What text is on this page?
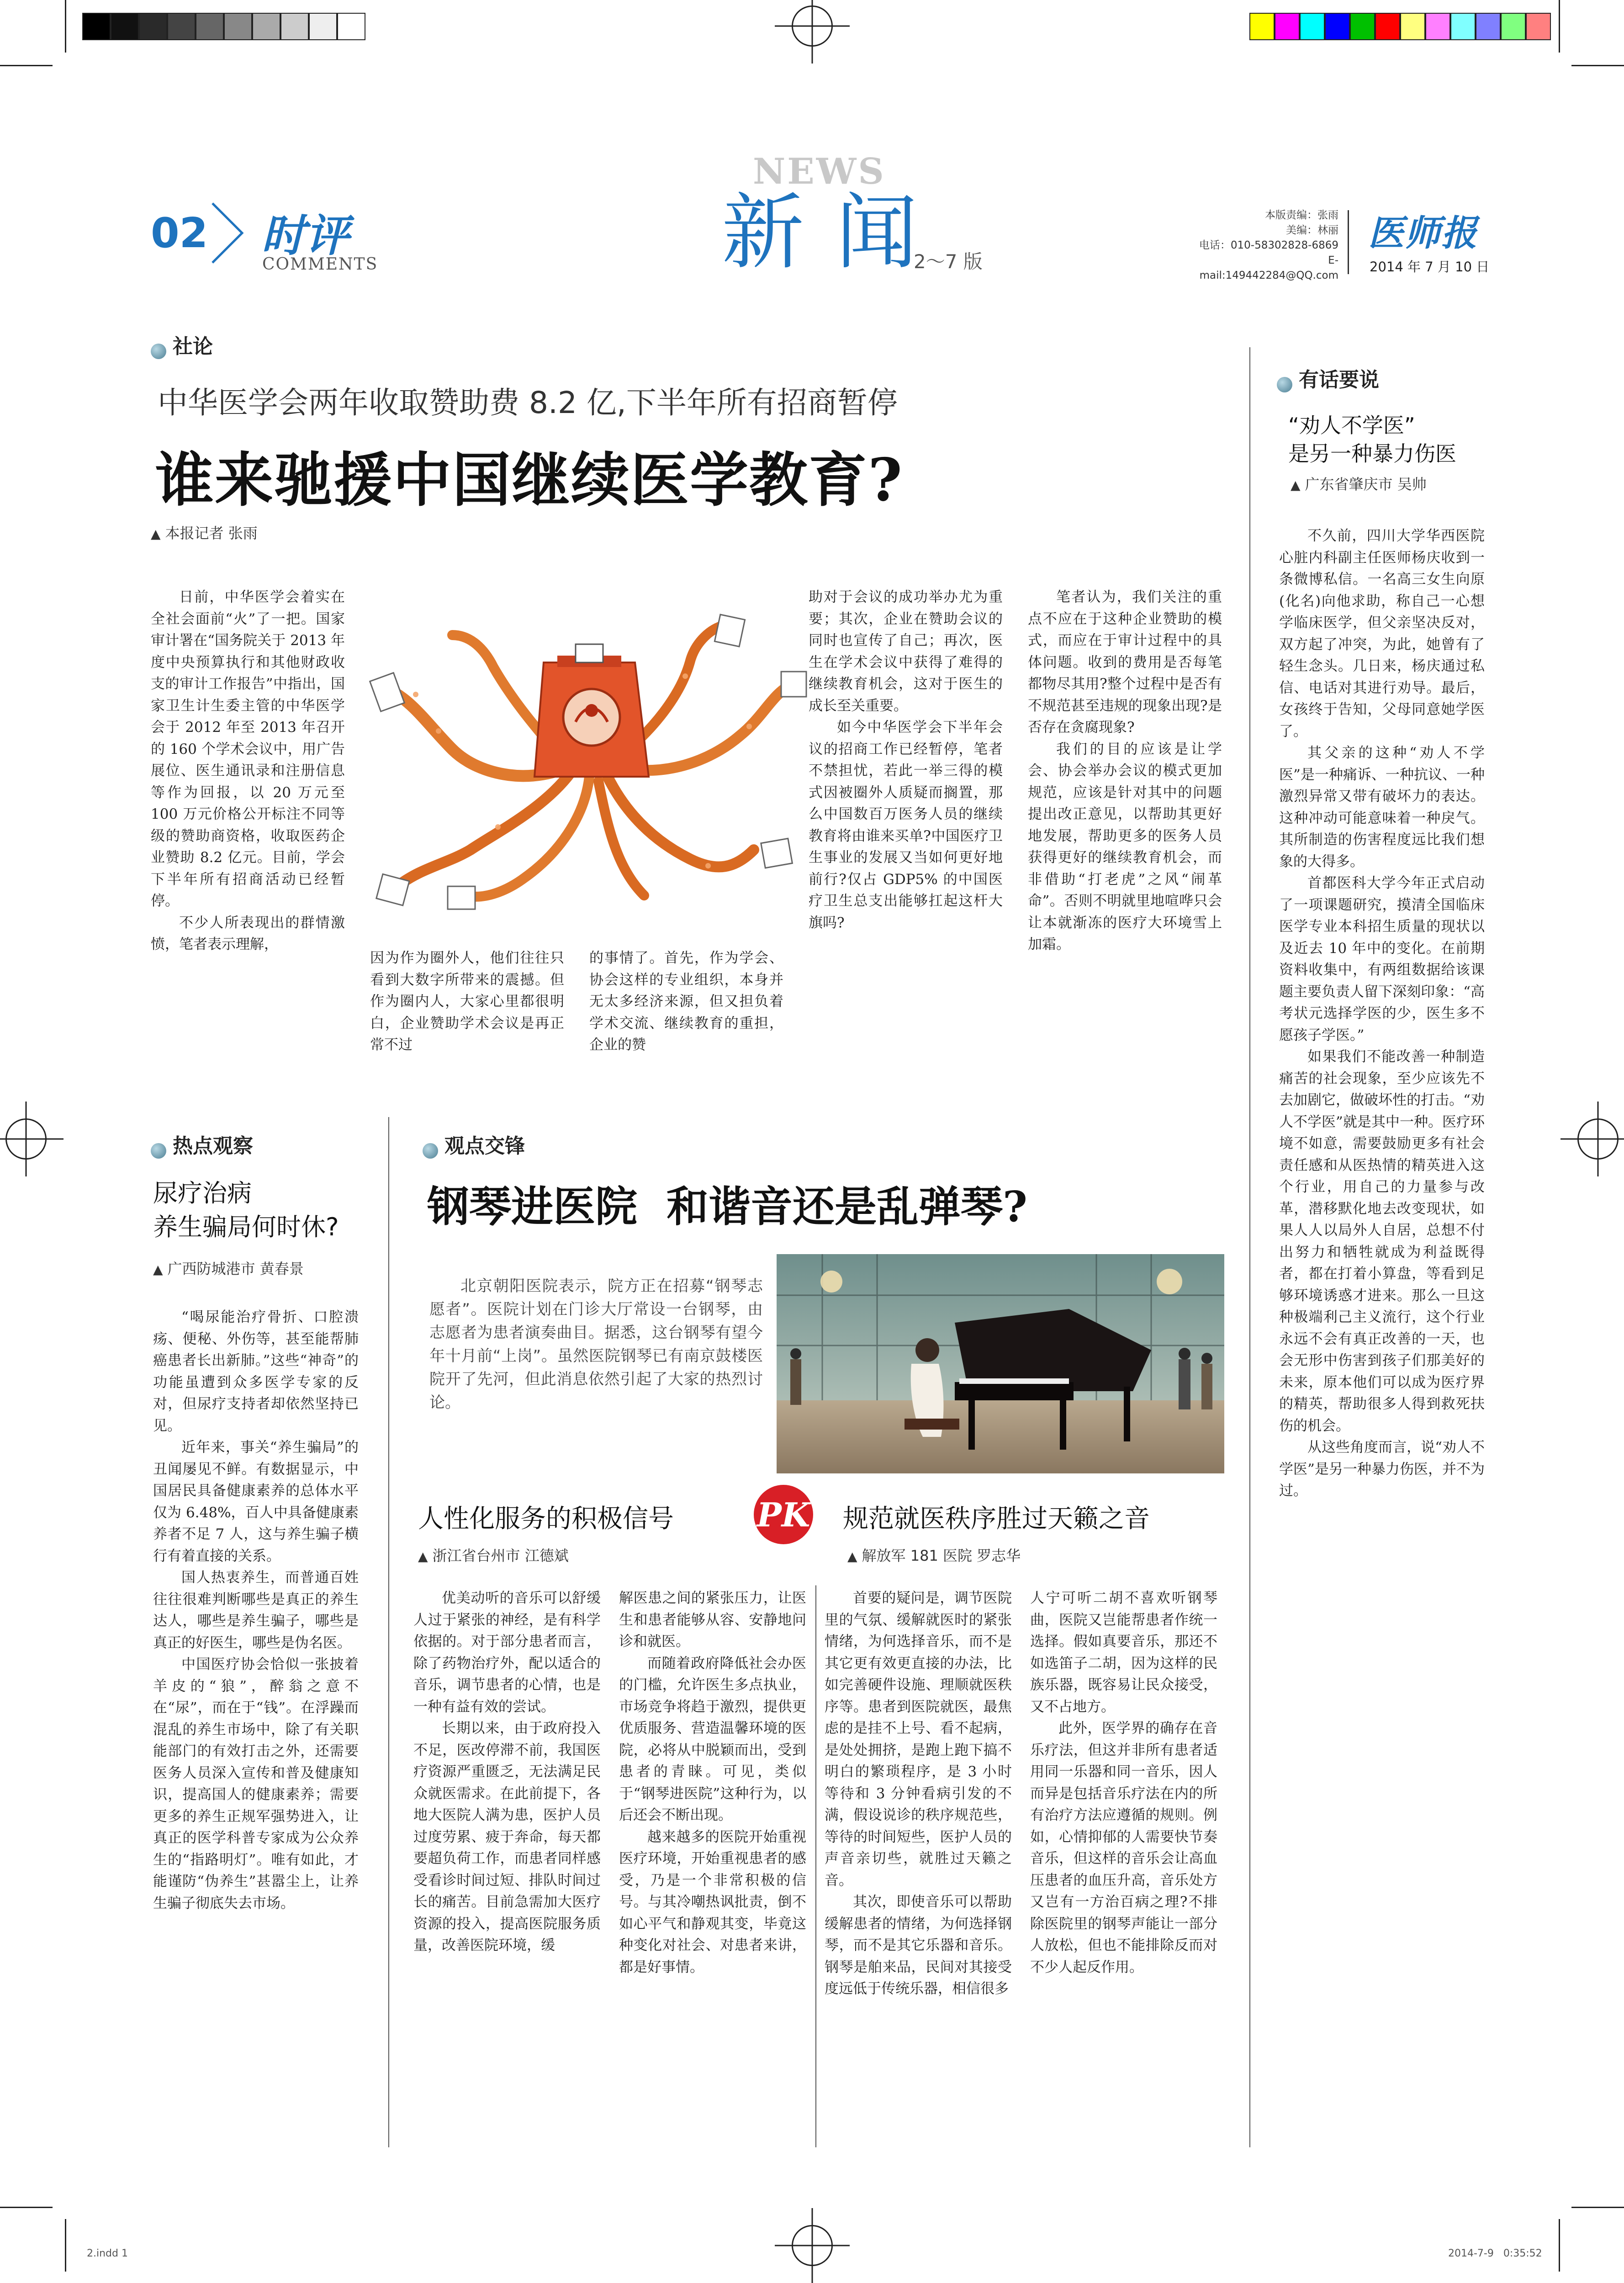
02 时评
COMMENTS
NEWS
新 闻
2～7 版
本版责编：张雨
美编：林丽
电话：010-58302828-6869
E-mail:149442284@QQ.com
医师报
2014 年 7 月 10 日
社论
中华医学会两年收取赞助费 8.2 亿,下半年所有招商暂停
谁来驰援中国继续医学教育?
▲ 本报记者 张雨

日前，中华医学会着实在全社会面前“火”了一把。国家审计署在“国务院关于 2013 年度中央预算执行和其他财政收支的审计工作报告”中指出，国家卫生计生委主管的中华医学会于 2012 年至 2013 年召开的 160 个学术会议中，用广告展位、医生通讯录和注册信息等作为回报，以 20 万元至 100 万元价格公开标注不同等级的赞助商资格，收取医药企业赞助 8.2 亿元。目前，学会下半年所有招商活动已经暂停。

不少人所表现出的群情激愤，笔者表示理解，

因为作为圈外人，他们往往只看到大数字所带来的震撼。但作为圈内人，大家心里都很明白，企业赞助学术会议是再正常不过

的事情了。首先，作为学会、协会这样的专业组织，本身并无太多经济来源，但又担负着学术交流、继续教育的重担，企业的赞

助对于会议的成功举办尤为重要；其次，企业在赞助会议的同时也宣传了自己；再次，医生在学术会议中获得了难得的继续教育机会，这对于医生的成长至关重要。

如今中华医学会下半年会议的招商工作已经暂停，笔者不禁担忧，若此一举三得的模式因被圈外人质疑而搁置，那么中国数百万医务人员的继续教育将由谁来买单?中国医疗卫生事业的发展又当如何更好地前行?仅占 GDP5% 的中国医疗卫生总支出能够扛起这杆大旗吗?

笔者认为，我们关注的重点不应在于这种企业赞助的模式，而应在于审计过程中的具体问题。收到的费用是否每笔都物尽其用?整个过程中是否有不规范甚至违规的现象出现?是否存在贪腐现象?

我们的目的应该是让学会、协会举办会议的模式更加规范，应该是针对其中的问题提出改正意见，以帮助其更好地发展，帮助更多的医务人员获得更好的继续教育机会，而非借助“打老虎”之风“闹革命”。否则不明就里地喧哗只会让本就渐冻的医疗大环境雪上加霜。

有话要说
“劝人不学医”
是另一种暴力伤医
▲ 广东省肇庆市 吴帅

不久前，四川大学华西医院心脏内科副主任医师杨庆收到一条微博私信。一名高三女生向原(化名)向他求助，称自己一心想学临床医学，但父亲坚决反对，双方起了冲突，为此，她曾有了轻生念头。几日来，杨庆通过私信、电话对其进行劝导。最后，女孩终于告知，父母同意她学医了。

其父亲的这种“劝人不学医”是一种痛诉、一种抗议、一种激烈异常又带有破坏力的表达。这种冲动可能意味着一种戾气。其所制造的伤害程度远比我们想象的大得多。

首都医科大学今年正式启动了一项课题研究，摸清全国临床医学专业本科招生质量的现状以及近去 10 年中的变化。在前期资料收集中，有两组数据给该课题主要负责人留下深刻印象：“高考状元选择学医的少，医生多不愿孩子学医。”

如果我们不能改善一种制造痛苦的社会现象，至少应该先不去加剧它，做破坏性的打击。“劝人不学医”就是其中一种。医疗环境不如意，需要鼓励更多有社会责任感和从医热情的精英进入这个行业，用自己的力量参与改革，潜移默化地去改变现状，如果人人以局外人自居，总想不付出努力和牺牲就成为利益既得者，都在打着小算盘，等看到足够环境诱惑才进来。那么一旦这种极端利己主义流行，这个行业永远不会有真正改善的一天，也会无形中伤害到孩子们那美好的未来，原本他们可以成为医疗界的精英，帮助很多人得到救死扶伤的机会。

从这些角度而言，说“劝人不学医”是另一种暴力伤医，并不为过。

热点观察
尿疗治病
养生骗局何时休?
▲ 广西防城港市 黄春景

“喝尿能治疗骨折、口腔溃疡、便秘、外伤等，甚至能帮肺癌患者长出新肺。”这些“神奇”的功能虽遭到众多医学专家的反对，但尿疗支持者却依然坚持已见。

近年来，事关“养生骗局”的丑闻屡见不鲜。有数据显示，中国居民具备健康素养的总体水平仅为 6.48%，百人中具备健康素养者不足 7 人，这与养生骗子横行有着直接的关系。

国人热衷养生，而普通百姓往往很难判断哪些是真正的养生达人，哪些是养生骗子，哪些是真正的好医生，哪些是伪名医。

中国医疗协会恰似一张披着羊皮的“狼”，醉翁之意不在“尿”，而在于“钱”。在浮躁而混乱的养生市场中，除了有关职能部门的有效打击之外，还需要医务人员深入宣传和普及健康知识，提高国人的健康素养；需要更多的养生正规军强势进入，让真正的医学科普专家成为公众养生的“指路明灯”。唯有如此，才能谨防“伪养生”甚嚣尘上，让养生骗子彻底失去市场。

观点交锋
钢琴进医院  和谐音还是乱弹琴?
北京朝阳医院表示，院方正在招募“钢琴志愿者”。医院计划在门诊大厅常设一台钢琴，由志愿者为患者演奏曲目。据悉，这台钢琴有望今年十月前“上岗”。虽然医院钢琴已有南京鼓楼医院开了先河，但此消息依然引起了大家的热烈讨论。
人性化服务的积极信号
▲ 浙江省台州市 江德斌
PK 规范就医秩序胜过天籁之音
▲ 解放军 181 医院 罗志华

优美动听的音乐可以舒缓人过于紧张的神经，是有科学依据的。对于部分患者而言，除了药物治疗外，配以适合的音乐，调节患者的心情，也是一种有益有效的尝试。

长期以来，由于政府投入不足，医改停滞不前，我国医疗资源严重匮乏，无法满足民众就医需求。在此前提下，各地大医院人满为患，医护人员过度劳累、疲于奔命，每天都要超负荷工作，而患者同样感受看诊时间过短、排队时间过长的痛苦。目前急需加大医疗资源的投入，提高医院服务质量，改善医院环境，缓

解医患之间的紧张压力，让医生和患者能够从容、安静地问诊和就医。

而随着政府降低社会办医的门槛，允许医生多点执业，市场竞争将趋于激烈，提供更优质服务、营造温馨环境的医院，必将从中脱颖而出，受到患者的青睐。可见，类似于“钢琴进医院”这种行为，以后还会不断出现。

越来越多的医院开始重视医疗环境，开始重视患者的感受，乃是一个非常积极的信号。与其冷嘲热讽批责，倒不如心平气和静观其变，毕竟这种变化对社会、对患者来讲，都是好事情。

首要的疑问是，调节医院里的气氛、缓解就医时的紧张情绪，为何选择音乐，而不是其它更有效更直接的办法，比如完善硬件设施、理顺就医秩序等。患者到医院就医，最焦虑的是挂不上号、看不起病，是处处拥挤，是跑上跑下搞不明白的繁琐程序，是 3 小时等待和 3 分钟看病引发的不满，假设说诊的秩序规范些，等待的时间短些，医护人员的声音亲切些，就胜过天籁之音。

其次，即使音乐可以帮助缓解患者的情绪，为何选择钢琴，而不是其它乐器和音乐。钢琴是舶来品，民间对其接受度远低于传统乐器，相信很多

人宁可听二胡不喜欢听钢琴曲，医院又岂能帮患者作统一选择。假如真要音乐，那还不如选笛子二胡，因为这样的民族乐器，既容易让民众接受，又不占地方。

此外，医学界的确存在音乐疗法，但这并非所有患者适用同一乐器和同一音乐，因人而异是包括音乐疗法在内的所有治疗方法应遵循的规则。例如，心情抑郁的人需要快节奏音乐，但这样的音乐会让高血压患者的血压升高，音乐处方又岂有一方治百病之理?不排除医院里的钢琴声能让一部分人放松，但也不能排除反而对不少人起反作用。

2.indd 1	2014-7-9   0:35:52
